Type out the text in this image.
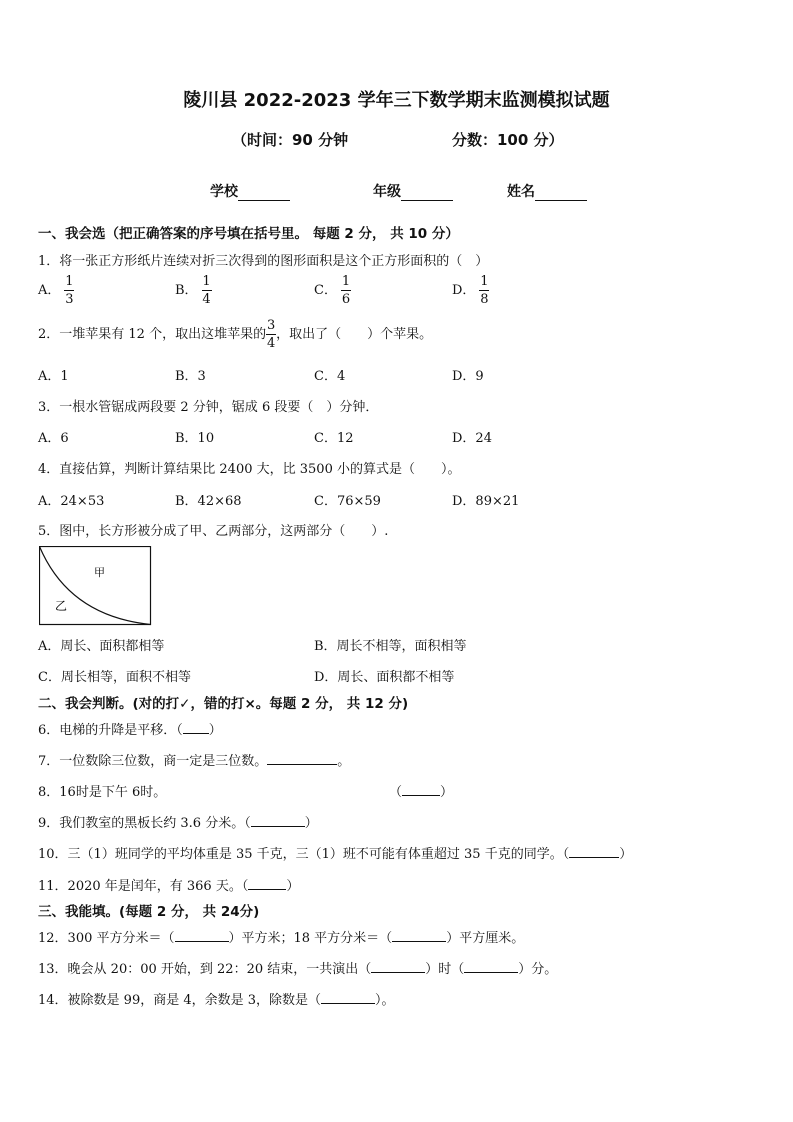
陵川县 2022-2023 学年三下数学期末监测模拟试题
（时间：90 分钟	分数：100 分）
学校	年级	姓名
一、我会选（把正确答案的序号填在括号里。 每题 2 分， 共 10 分）
1．将一张正方形纸片连续对折三次得到的图形面积是这个正方形面积的（　）
A． $\frac{1}{3}$	B． $\frac{1}{4}$	C． $\frac{1}{6}$	D． $\frac{1}{8}$
2．一堆苹果有 12 个，取出这堆苹果的 $\frac{3}{4}$ ，取出了（　　）个苹果。
A．1	B．3	C．4	D．9
3．一根水管锯成两段要 2 分钟，锯成 6 段要（　）分钟．
A．6	B．10	C．12	D．24
4．直接估算，判断计算结果比 2400 大，比 3500 小的算式是（　　）。
A．24×53	B．42×68	C．76×59	D．89×21
5．图中，长方形被分成了甲、乙两部分，这两部分（　　）.
甲
乙
A．周长、面积都相等	B．周长不相等，面积相等
C．周长相等，面积不相等	D．周长、面积都不相等
二、我会判断。(对的打✓，错的打×。每题 2 分， 共 12 分)
6．电梯的升降是平移．（ ）
7．一位数除三位数，商一定是三位数。	。
8．16时是下午 6时。	（	）
9．我们教室的黑板长约 3.6 分米。（	）
10．三（1）班同学的平均体重是 35 千克，三（1）班不可能有体重超过 35 千克的同学。（	）
11．2020 年是闰年，有 366 天。（	）
三、我能填。(每题 2 分， 共 24分)
12．300 平方分米＝（	）平方米；18 平方分米＝（	）平方厘米。
13．晚会从 20：00 开始，到 22：20 结束，一共演出（	）时（	）分。
14．被除数是 99，商是 4，余数是 3，除数是（	）。
